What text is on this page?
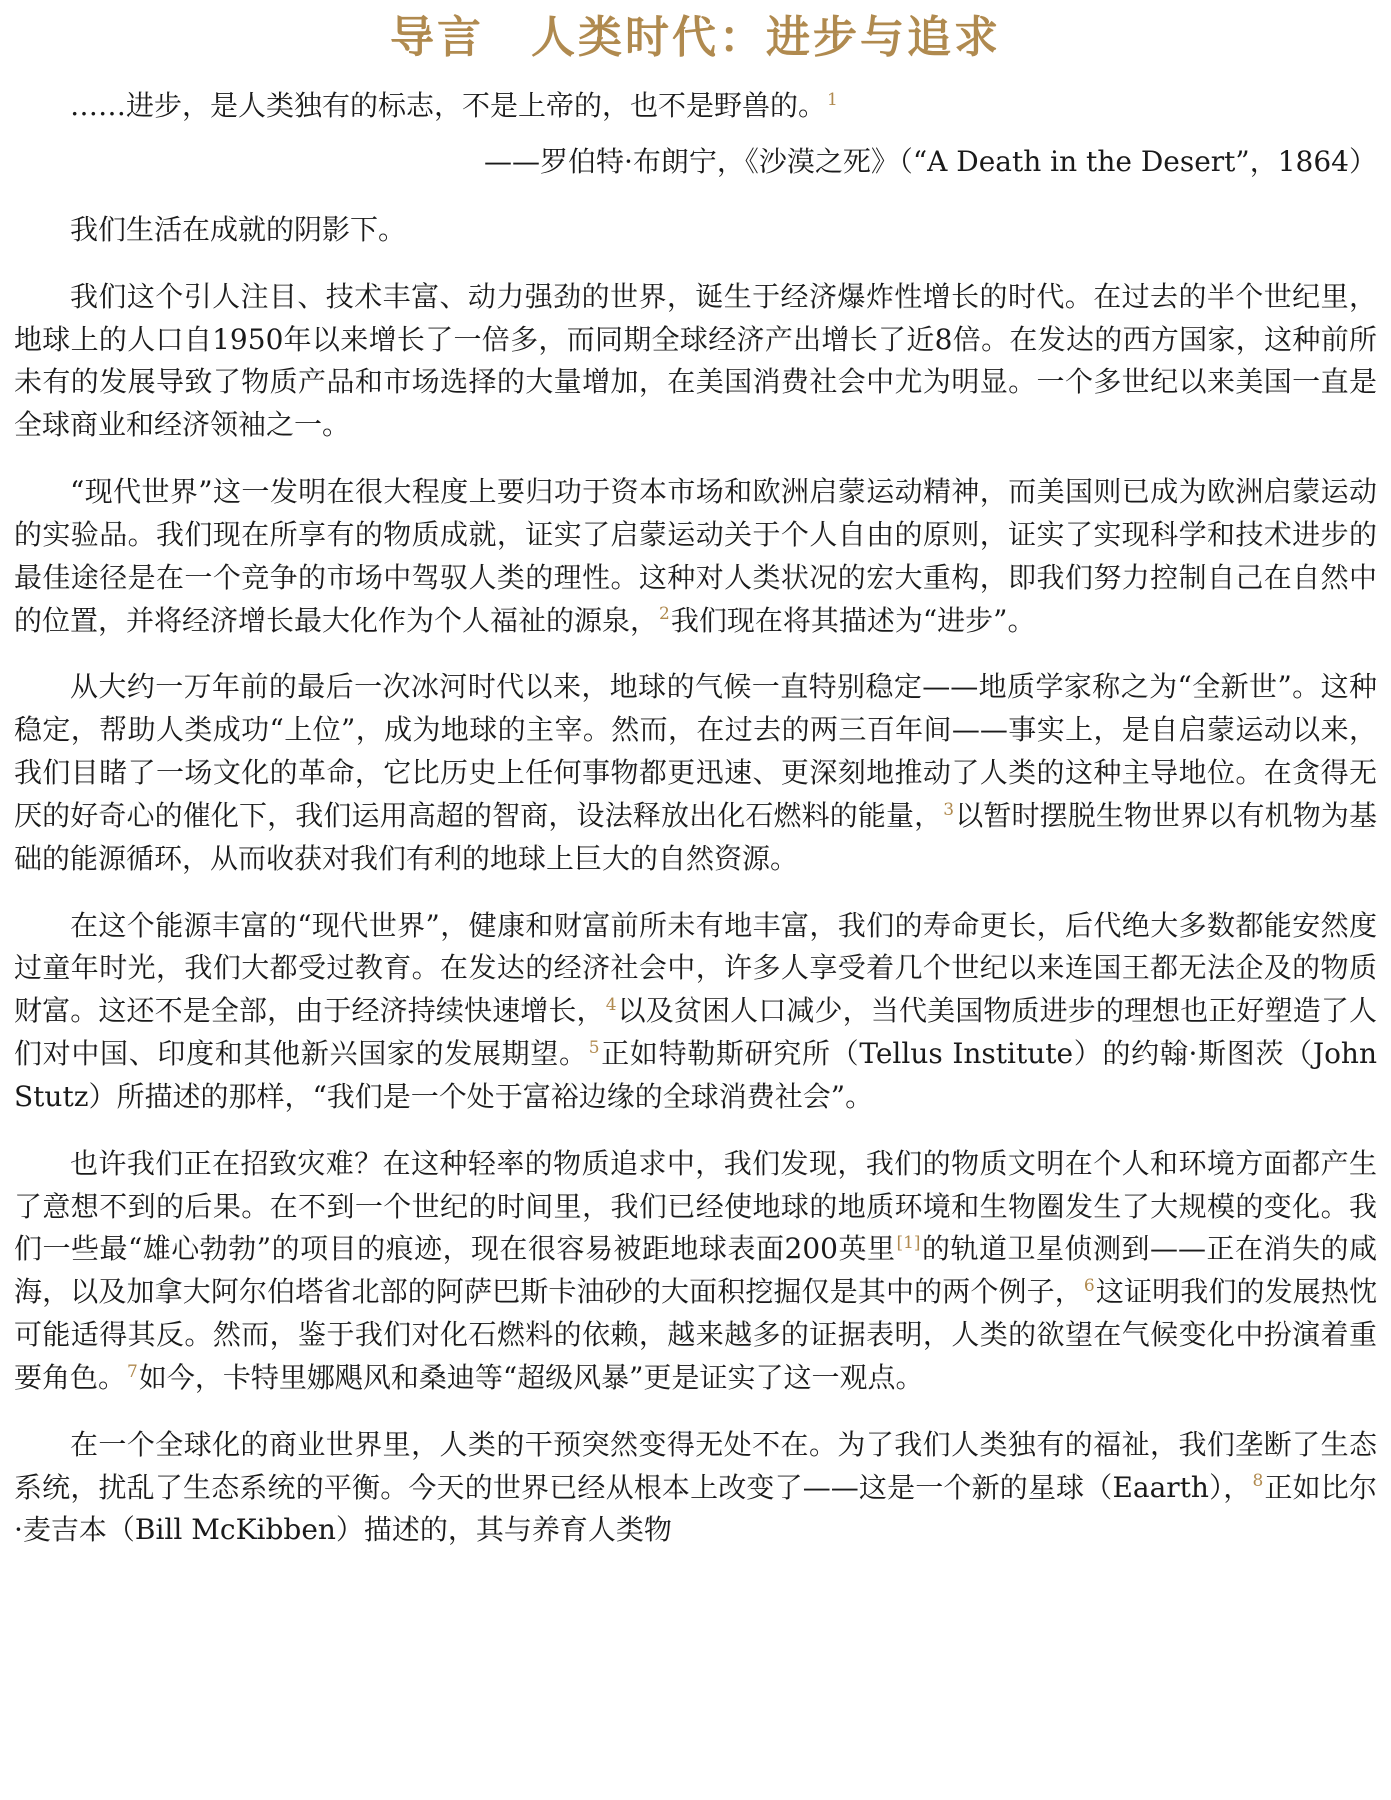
导言　人类时代：进步与追求

……进步，是人类独有的标志，不是上帝的，也不是野兽的。$^1$

——罗伯特·布朗宁，《沙漠之死》（“A Death in the Desert”，1864）

我们生活在成就的阴影下。

我们这个引人注目、技术丰富、动力强劲的世界，诞生于经济爆炸性增长的时代。在过去的半个世纪里，地球上的人口自1950年以来增长了一倍多，而同期全球经济产出增长了近8倍。在发达的西方国家，这种前所未有的发展导致了物质产品和市场选择的大量增加，在美国消费社会中尤为明显。一个多世纪以来美国一直是全球商业和经济领袖之一。

“现代世界”这一发明在很大程度上要归功于资本市场和欧洲启蒙运动精神，而美国则已成为欧洲启蒙运动的实验品。我们现在所享有的物质成就，证实了启蒙运动关于个人自由的原则，证实了实现科学和技术进步的最佳途径是在一个竞争的市场中驾驭人类的理性。这种对人类状况的宏大重构，即我们努力控制自己在自然中的位置，并将经济增长最大化作为个人福祉的源泉，$^2$我们现在将其描述为“进步”。

从大约一万年前的最后一次冰河时代以来，地球的气候一直特别稳定——地质学家称之为“全新世”。这种稳定，帮助人类成功“上位”，成为地球的主宰。然而，在过去的两三百年间——事实上，是自启蒙运动以来，我们目睹了一场文化的革命，它比历史上任何事物都更迅速、更深刻地推动了人类的这种主导地位。在贪得无厌的好奇心的催化下，我们运用高超的智商，设法释放出化石燃料的能量，$^3$以暂时摆脱生物世界以有机物为基础的能源循环，从而收获对我们有利的地球上巨大的自然资源。

在这个能源丰富的“现代世界”，健康和财富前所未有地丰富，我们的寿命更长，后代绝大多数都能安然度过童年时光，我们大都受过教育。在发达的经济社会中，许多人享受着几个世纪以来连国王都无法企及的物质财富。这还不是全部，由于经济持续快速增长，$^4$以及贫困人口减少，当代美国物质进步的理想也正好塑造了人们对中国、印度和其他新兴国家的发展期望。$^5$正如特勒斯研究所（Tellus Institute）的约翰·斯图茨（John Stutz）所描述的那样，“我们是一个处于富裕边缘的全球消费社会”。

也许我们正在招致灾难？在这种轻率的物质追求中，我们发现，我们的物质文明在个人和环境方面都产生了意想不到的后果。在不到一个世纪的时间里，我们已经使地球的地质环境和生物圈发生了大规模的变化。我们一些最“雄心勃勃”的项目的痕迹，现在很容易被距地球表面200英里[1]的轨道卫星侦测到——正在消失的咸海，以及加拿大阿尔伯塔省北部的阿萨巴斯卡油砂的大面积挖掘仅是其中的两个例子，$^6$这证明我们的发展热忱可能适得其反。然而，鉴于我们对化石燃料的依赖，越来越多的证据表明，人类的欲望在气候变化中扮演着重要角色。$^7$如今，卡特里娜飓风和桑迪等“超级风暴”更是证实了这一观点。

在一个全球化的商业世界里，人类的干预突然变得无处不在。为了我们人类独有的福祉，我们垄断了生态系统，扰乱了生态系统的平衡。今天的世界已经从根本上改变了——这是一个新的星球（Eaarth），$^8$正如比尔·麦吉本（Bill McKibben）描述的，其与养育人类物
